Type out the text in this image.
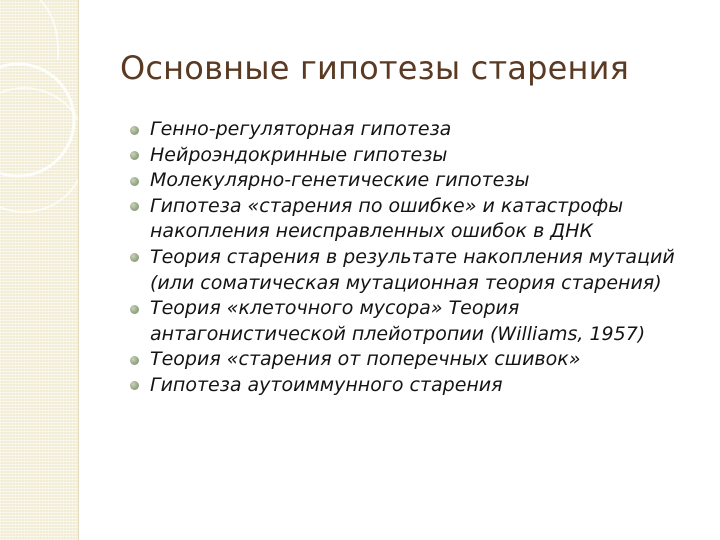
Основные гипотезы старения
Генно-регуляторная гипотеза
Нейроэндокринные гипотезы
Молекулярно-генетические гипотезы
Гипотеза «старения по ошибке» и катастрофы накопления неисправленных ошибок в ДНК
Теория старения в результате накопления мутаций (или соматическая мутационная теория старения)
Теория «клеточного мусора» Теория антагонистической плейотропии (Williams, 1957)
Теория «старения от поперечных сшивок»
Гипотеза аутоиммунного старения
